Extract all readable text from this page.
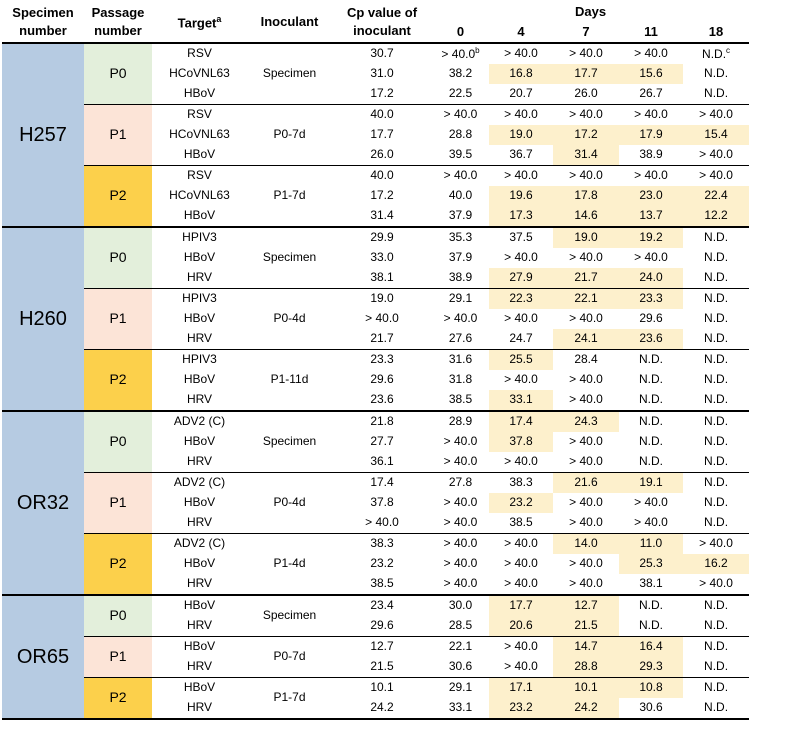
Specimen
number

Passage
number
	Target$^a$	Inoculant	
Cp value of
inoculant
	Days
					0	4	7	11	18
H257	P0	RSV	Specimen	30.7	> 40.0$^b$	> 40.0	> 40.0	> 40.0	N.D.$^c$
		HCoVNL63		31.0	38.2	16.8	17.7	15.6	N.D.
		HBoV		17.2	22.5	20.7	26.0	26.7	N.D.
	P1	RSV	P0-7d	40.0	> 40.0	> 40.0	> 40.0	> 40.0	> 40.0
		HCoVNL63		17.7	28.8	19.0	17.2	17.9	15.4
		HBoV		26.0	39.5	36.7	31.4	38.9	> 40.0
	P2	RSV	P1-7d	40.0	> 40.0	> 40.0	> 40.0	> 40.0	> 40.0
		HCoVNL63		17.2	40.0	19.6	17.8	23.0	22.4
		HBoV		31.4	37.9	17.3	14.6	13.7	12.2
H260	P0	HPIV3	Specimen	29.9	35.3	37.5	19.0	19.2	N.D.
		HBoV		33.0	37.9	> 40.0	> 40.0	> 40.0	N.D.
		HRV		38.1	38.9	27.9	21.7	24.0	N.D.
	P1	HPIV3	P0-4d	19.0	29.1	22.3	22.1	23.3	N.D.
		HBoV		> 40.0	> 40.0	> 40.0	> 40.0	29.6	N.D.
		HRV		21.7	27.6	24.7	24.1	23.6	N.D.
	P2	HPIV3	P1-11d	23.3	31.6	25.5	28.4	N.D.	N.D.
		HBoV		29.6	31.8	> 40.0	> 40.0	N.D.	N.D.
		HRV		23.6	38.5	33.1	> 40.0	N.D.	N.D.
OR32	P0	ADV2 (C)	Specimen	21.8	28.9	17.4	24.3	N.D.	N.D.
		HBoV		27.7	> 40.0	37.8	> 40.0	N.D.	N.D.
		HRV		36.1	> 40.0	> 40.0	> 40.0	N.D.	N.D.
	P1	ADV2 (C)	P0-4d	17.4	27.8	38.3	21.6	19.1	N.D.
		HBoV		37.8	> 40.0	23.2	> 40.0	> 40.0	N.D.
		HRV		> 40.0	> 40.0	38.5	> 40.0	> 40.0	N.D.
	P2	ADV2 (C)	P1-4d	38.3	> 40.0	> 40.0	14.0	11.0	> 40.0
		HBoV		23.2	> 40.0	> 40.0	> 40.0	25.3	16.2
		HRV		38.5	> 40.0	> 40.0	> 40.0	38.1	> 40.0
OR65	P0	HBoV	Specimen	23.4	30.0	17.7	12.7	N.D.	N.D.
		HRV		29.6	28.5	20.6	21.5	N.D.	N.D.
	P1	HBoV	P0-7d	12.7	22.1	> 40.0	14.7	16.4	N.D.
		HRV		21.5	30.6	> 40.0	28.8	29.3	N.D.
	P2	HBoV	P1-7d	10.1	29.1	17.1	10.1	10.8	N.D.
		HRV		24.2	33.1	23.2	24.2	30.6	N.D.
